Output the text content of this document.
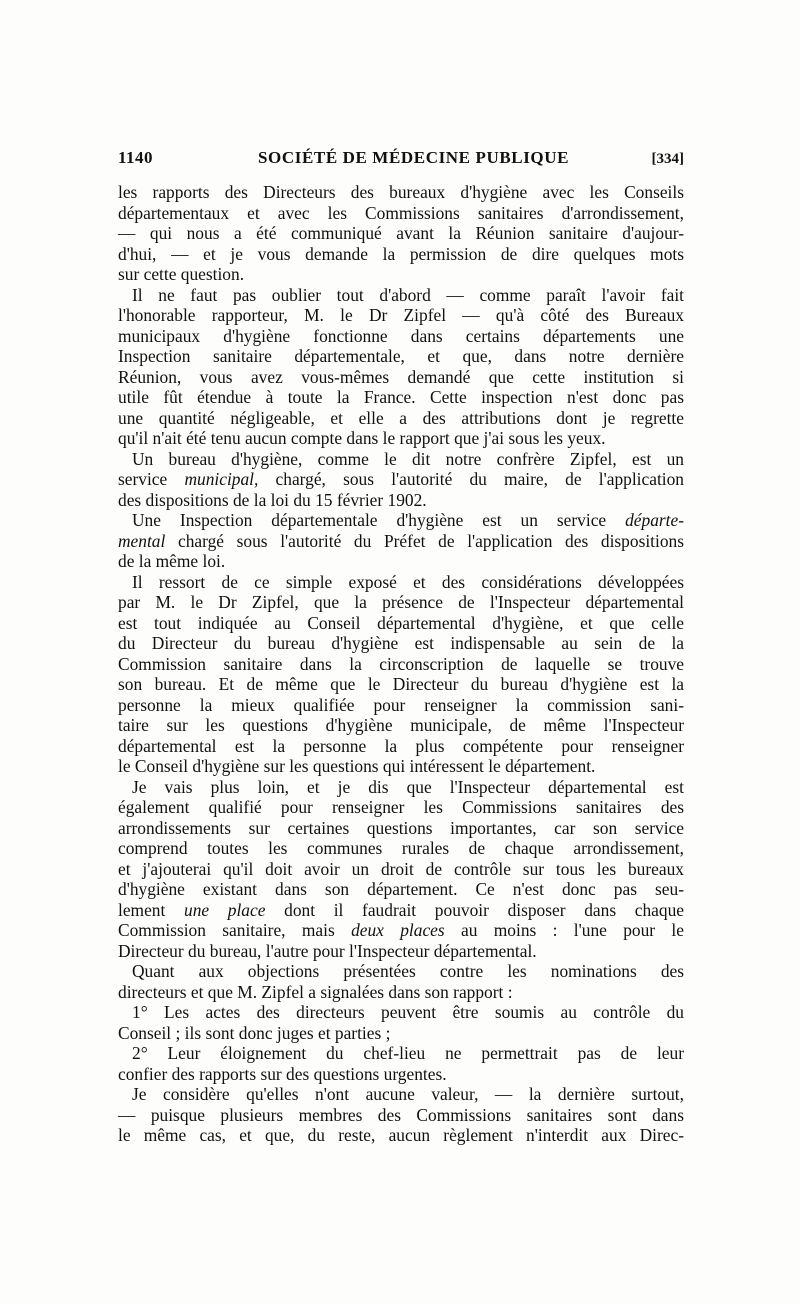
1140	SOCIÉTÉ DE MÉDECINE PUBLIQUE	[334]
les rapports des Directeurs des bureaux d'hygiène avec les Conseils
départementaux et avec les Commissions sanitaires d'arrondissement,
— qui nous a été communiqué avant la Réunion sanitaire d'aujour-
d'hui, — et je vous demande la permission de dire quelques mots
sur cette question.
Il ne faut pas oublier tout d'abord — comme paraît l'avoir fait
l'honorable rapporteur, M. le Dr Zipfel — qu'à côté des Bureaux
municipaux d'hygiène fonctionne dans certains départements une
Inspection sanitaire départementale, et que, dans notre dernière
Réunion, vous avez vous-mêmes demandé que cette institution si
utile fût étendue à toute la France. Cette inspection n'est donc pas
une quantité négligeable, et elle a des attributions dont je regrette
qu'il n'ait été tenu aucun compte dans le rapport que j'ai sous les yeux.
Un bureau d'hygiène, comme le dit notre confrère Zipfel, est un
service municipal, chargé, sous l'autorité du maire, de l'application
des dispositions de la loi du 15 février 1902.
Une Inspection départementale d'hygiène est un service départe-
mental chargé sous l'autorité du Préfet de l'application des dispositions
de la même loi.
Il ressort de ce simple exposé et des considérations développées
par M. le Dr Zipfel, que la présence de l'Inspecteur départemental
est tout indiquée au Conseil départemental d'hygiène, et que celle
du Directeur du bureau d'hygiène est indispensable au sein de la
Commission sanitaire dans la circonscription de laquelle se trouve
son bureau. Et de même que le Directeur du bureau d'hygiène est la
personne la mieux qualifiée pour renseigner la commission sani-
taire sur les questions d'hygiène municipale, de même l'Inspecteur
départemental est la personne la plus compétente pour renseigner
le Conseil d'hygiène sur les questions qui intéressent le département.
Je vais plus loin, et je dis que l'Inspecteur départemental est
également qualifié pour renseigner les Commissions sanitaires des
arrondissements sur certaines questions importantes, car son service
comprend toutes les communes rurales de chaque arrondissement,
et j'ajouterai qu'il doit avoir un droit de contrôle sur tous les bureaux
d'hygiène existant dans son département. Ce n'est donc pas seu-
lement une place dont il faudrait pouvoir disposer dans chaque
Commission sanitaire, mais deux places au moins : l'une pour le
Directeur du bureau, l'autre pour l'Inspecteur départemental.
Quant aux objections présentées contre les nominations des
directeurs et que M. Zipfel a signalées dans son rapport :
1° Les actes des directeurs peuvent être soumis au contrôle du
Conseil ; ils sont donc juges et parties ;
2° Leur éloignement du chef-lieu ne permettrait pas de leur
confier des rapports sur des questions urgentes.
Je considère qu'elles n'ont aucune valeur, — la dernière surtout,
— puisque plusieurs membres des Commissions sanitaires sont dans
le même cas, et que, du reste, aucun règlement n'interdit aux Direc-
